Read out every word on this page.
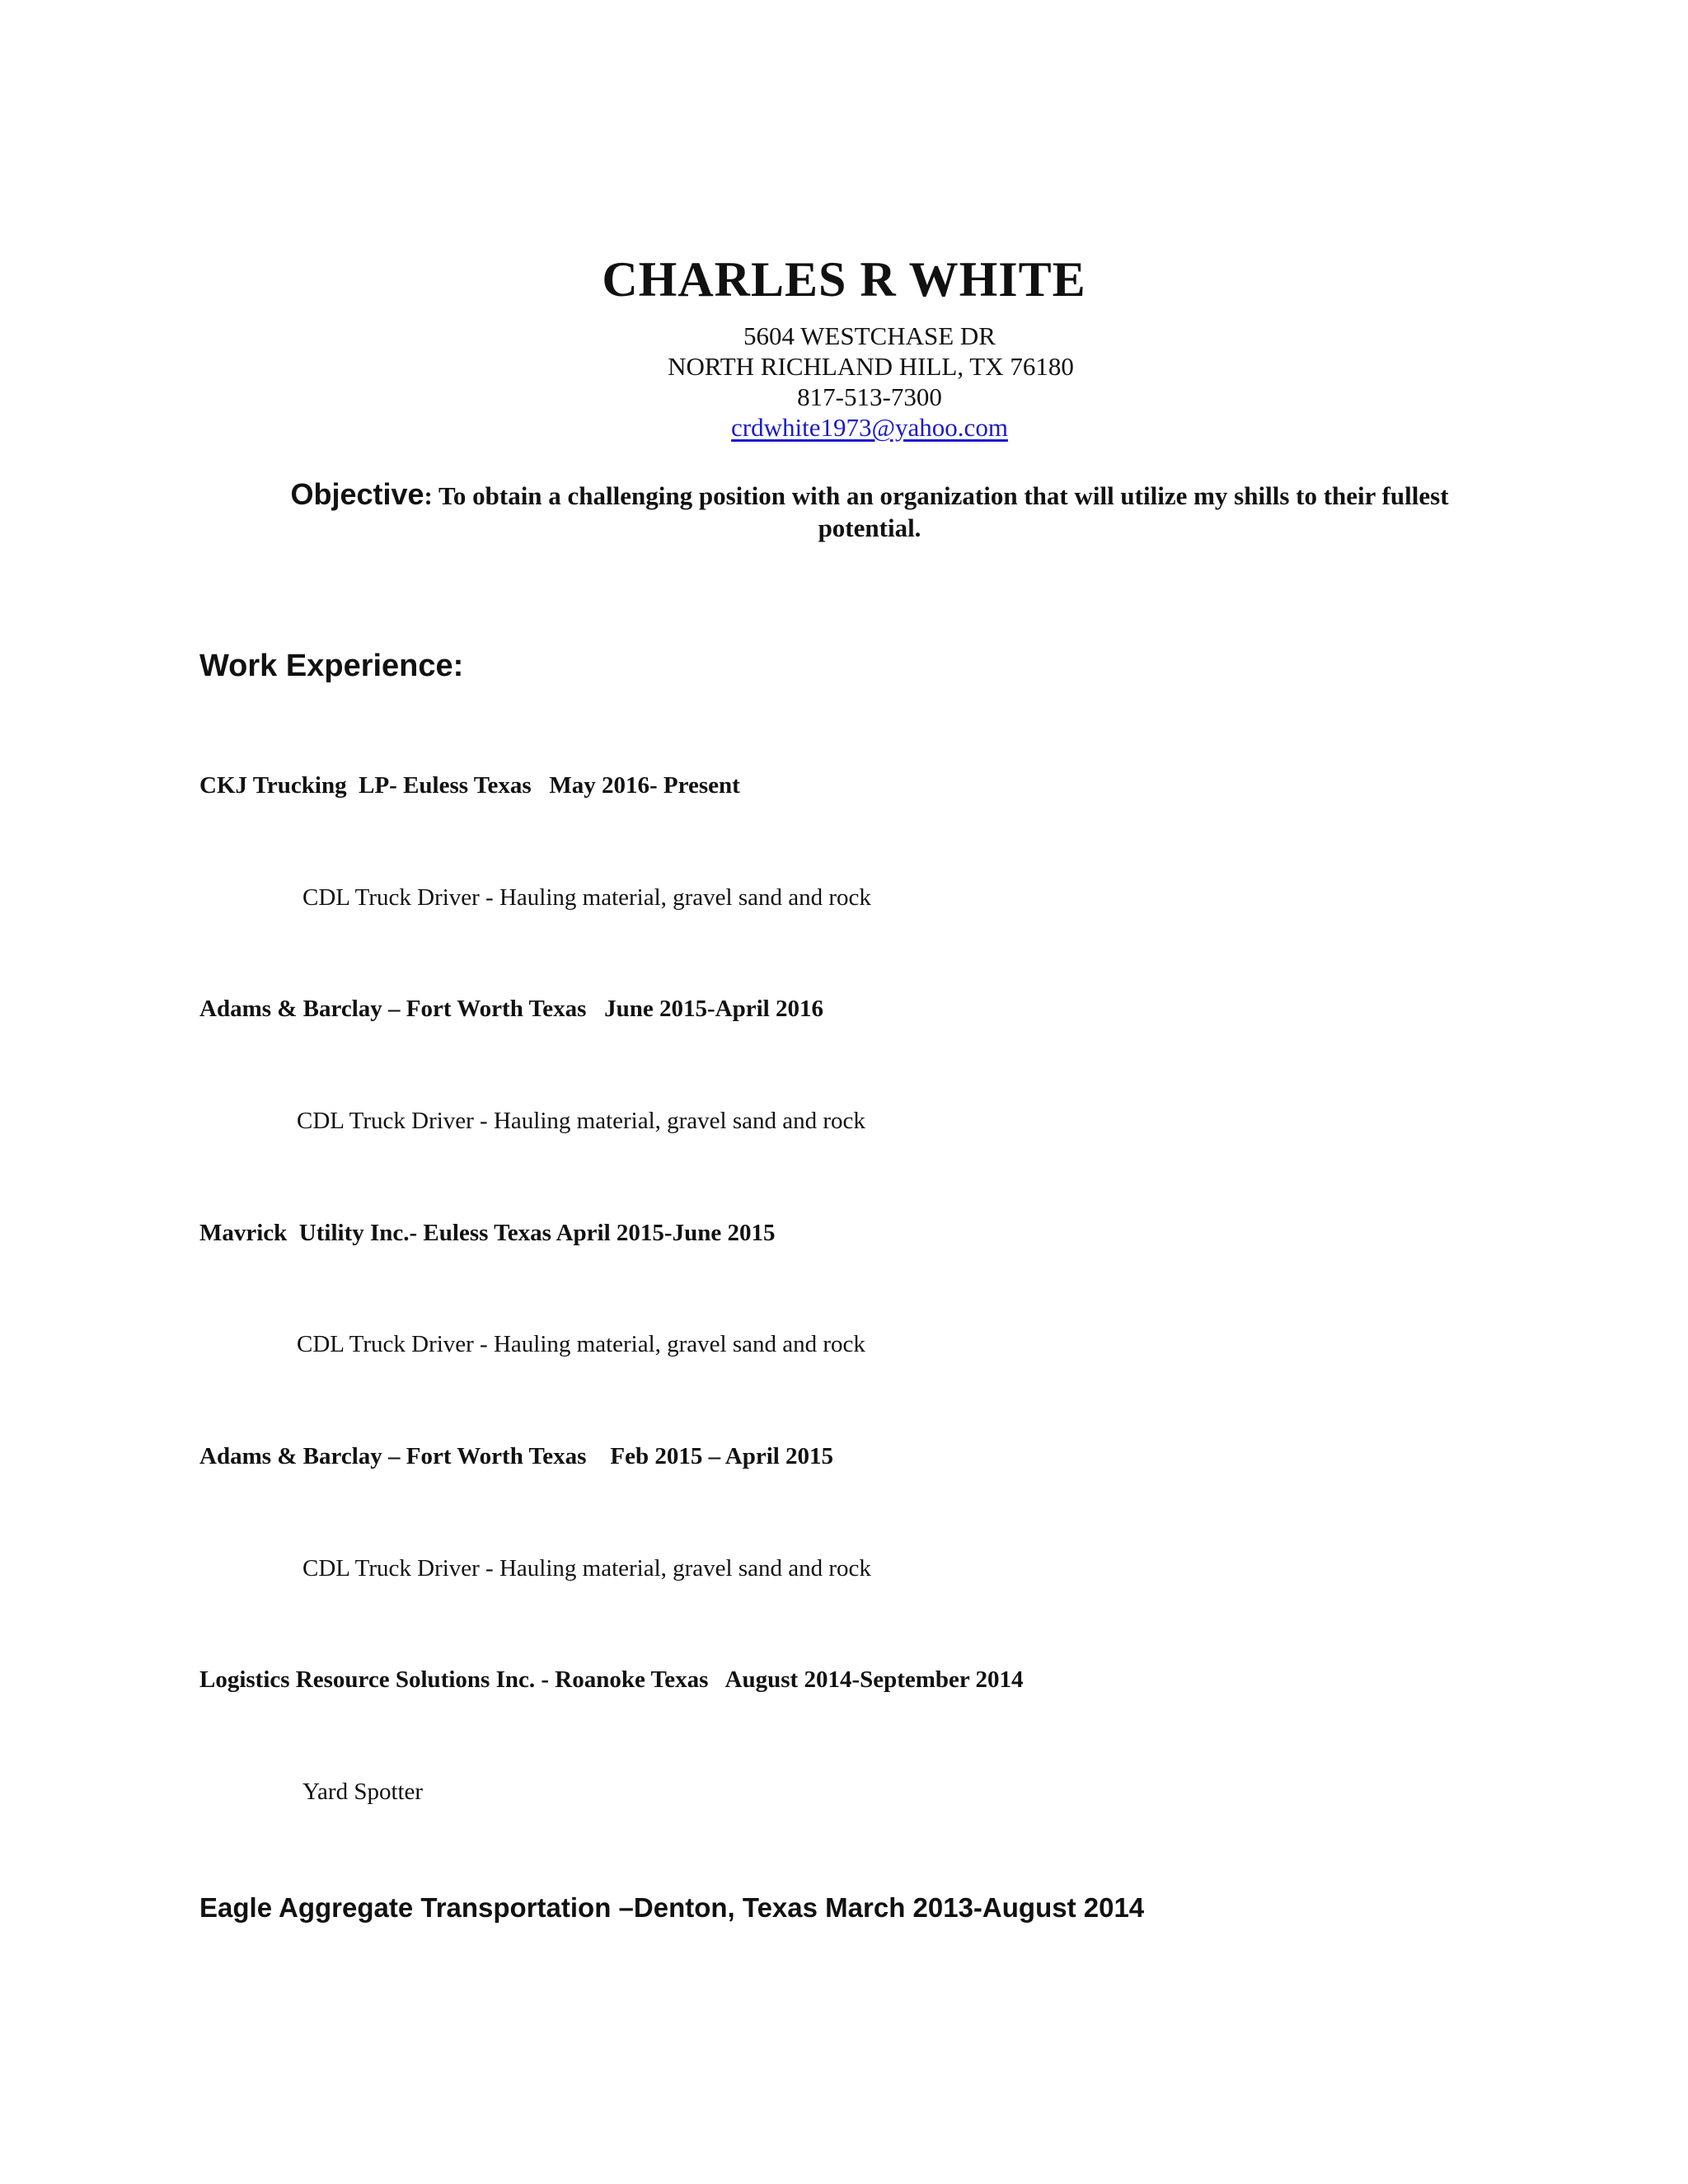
CHARLES R WHITE
5604 WESTCHASE DR
NORTH RICHLAND HILL, TX 76180
817-513-7300
crdwhite1973@yahoo.com

Objective: To obtain a challenging position with an organization that will utilize my shills to their fullest potential.

Work Experience:
CKJ Trucking  LP- Euless Texas   May 2016- Present
CDL Truck Driver - Hauling material, gravel sand and rock
Adams & Barclay – Fort Worth Texas   June 2015-April 2016
CDL Truck Driver - Hauling material, gravel sand and rock
Mavrick  Utility Inc.- Euless Texas April 2015-June 2015
CDL Truck Driver - Hauling material, gravel sand and rock
Adams & Barclay – Fort Worth Texas    Feb 2015 – April 2015
CDL Truck Driver - Hauling material, gravel sand and rock
Logistics Resource Solutions Inc. - Roanoke Texas   August 2014-September 2014
Yard Spotter
Eagle Aggregate Transportation –Denton, Texas March 2013-August 2014
